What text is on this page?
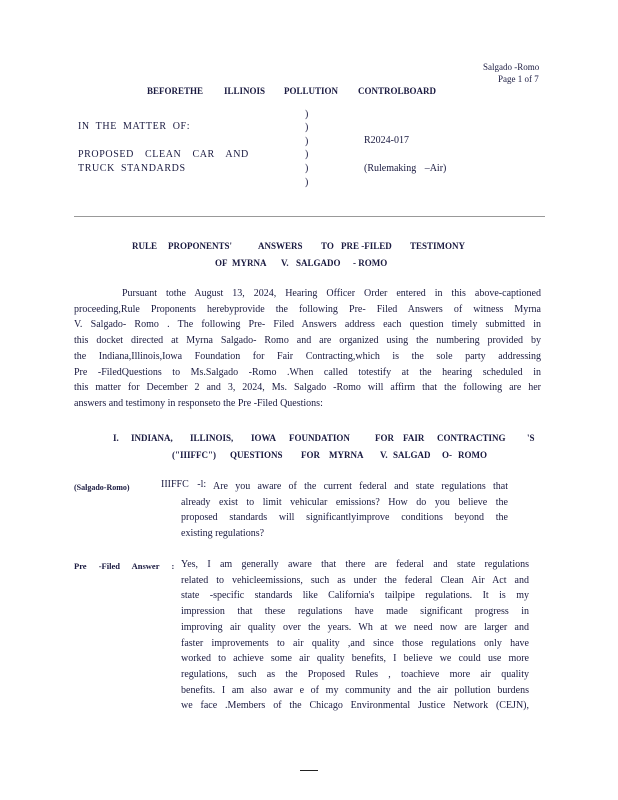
Salgado -Romo
Page 1 of 7
BEFORETHE ILLINOIS POLLUTION CONTROLBOARD
IN THE MATTER OF:
PROPOSED CLEAN CAR AND
TRUCK STANDARDS
)
)
)
)
)
)
R2024-017
(Rulemaking –Air)
RULE PROPONENTS'	ANSWERS TO PRE -FILED TESTIMONY
OF MYRNA V. SALGADO - ROMO
Pursuant tothe August 13, 2024, Hearing Officer Order entered in this above-captioned
proceeding,Rule Proponents herebyprovide the following Pre- Filed Answers of witness Myrna
V. Salgado- Romo . The following Pre- Filed Answers address each question timely submitted in
this docket directed at Myrna Salgado- Romo and are organized using the numbering provided by
the Indiana,Illinois,Iowa Foundation for Fair Contracting,which is the sole party addressing
Pre -FiledQuestions to Ms.Salgado -Romo .When called totestify at the hearing scheduled in
this matter for December 2 and 3, 2024, Ms. Salgado -Romo will affirm that the following are her
answers and testimony in responseto the Pre -Filed Questions:
I. INDIANA, ILLINOIS, IOWA FOUNDATION	FOR FAIR CONTRACTING 'S
("IIIFFC") QUESTIONS FOR MYRNA V. SALGAD O- ROMO
(Salgado-Romo)	IIIFFC -l: Are you aware of the current federal and state regulations that
already exist to limit vehicular emissions? How do you believe the
proposed standards will significantlyimprove conditions beyond the
existing regulations?
Pre -Filed Answer : Yes, I am generally aware that there are federal and state regulations
related to vehicleemissions, such as under the federal Clean Air Act and
state -specific standards like California's tailpipe regulations. It is my
impression that these regulations have made significant progress in
improving air quality over the years. Wh at we need now are larger and
faster improvements to air quality ,and since those regulations only have
worked to achieve some air quality benefits, I believe we could use more
regulations, such as the Proposed Rules , toachieve more air quality
benefits. I am also awar e of my community and the air pollution burdens
we face .Members of the Chicago Environmental Justice Network (CEJN),
